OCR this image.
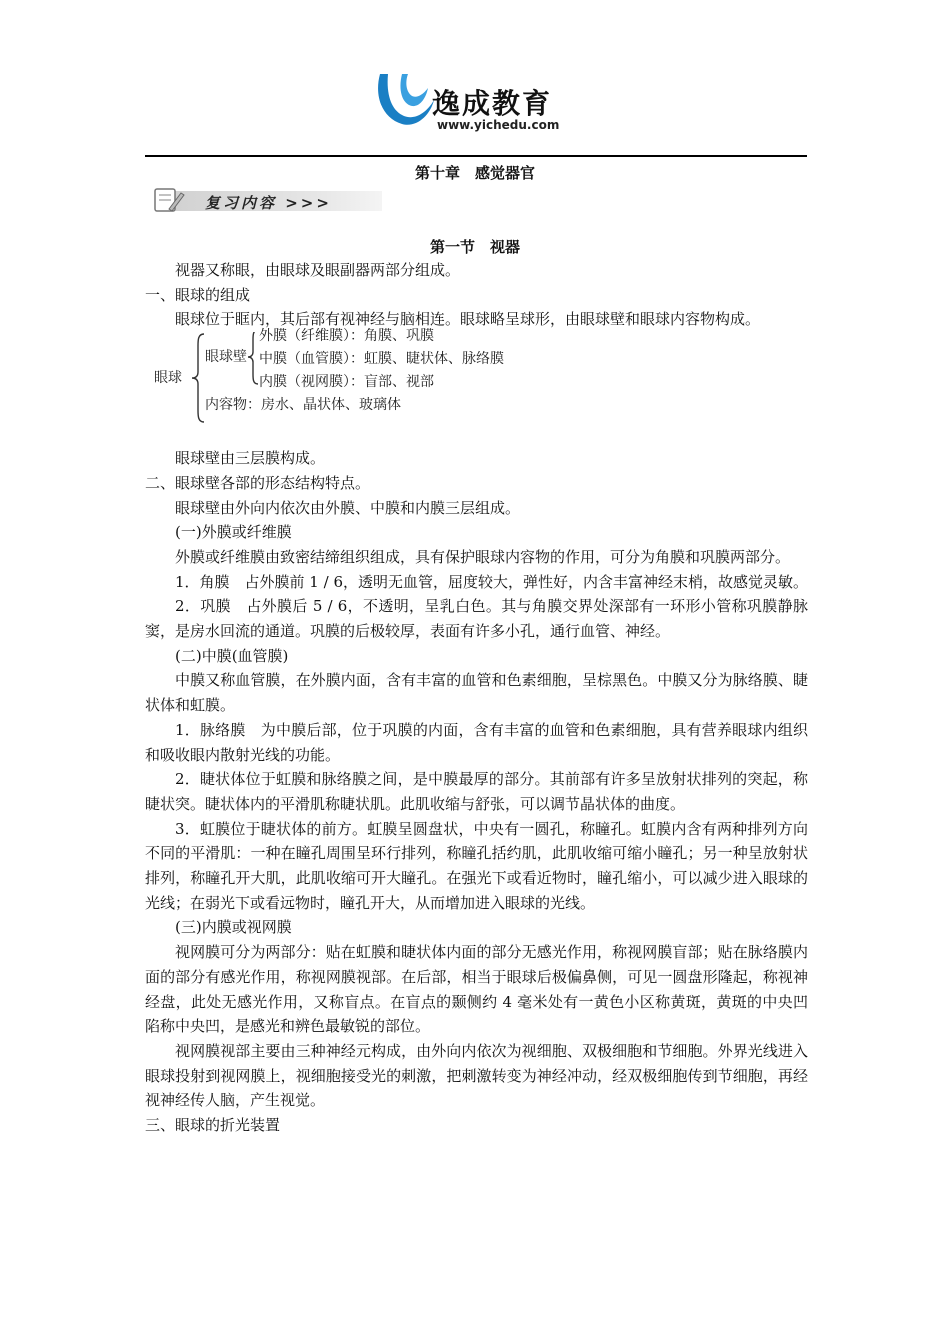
逸成教育
www.yichedu.com
第十章　感觉器官
复习内容 >>>
第一节　视器

视器又称眼，由眼球及眼副器两部分组成。

一、眼球的组成

眼球位于眶内，其后部有视神经与脑相连。眼球略呈球形，由眼球壁和眼球内容物构成。

眼球
眼球壁
外膜（纤维膜）：角膜、巩膜
中膜（血管膜）：虹膜、睫状体、脉络膜
内膜（视网膜）：盲部、视部
内容物：房水、晶状体、玻璃体

眼球壁由三层膜构成。

二、眼球壁各部的形态结构特点。

眼球壁由外向内依次由外膜、中膜和内膜三层组成。

(一)外膜或纤维膜

外膜或纤维膜由致密结缔组织组成，具有保护眼球内容物的作用，可分为角膜和巩膜两部分。

1．角膜　占外膜前 1 / 6，透明无血管，屈度较大，弹性好，内含丰富神经末梢，故感觉灵敏。

2．巩膜　占外膜后 5 / 6，不透明，呈乳白色。其与角膜交界处深部有一环形小管称巩膜静脉窦，是房水回流的通道。巩膜的后极较厚，表面有许多小孔，通行血管、神经。

(二)中膜(血管膜)

中膜又称血管膜，在外膜内面，含有丰富的血管和色素细胞，呈棕黑色。中膜又分为脉络膜、睫状体和虹膜。

1．脉络膜　为中膜后部，位于巩膜的内面，含有丰富的血管和色素细胞，具有营养眼球内组织和吸收眼内散射光线的功能。

2．睫状体位于虹膜和脉络膜之间，是中膜最厚的部分。其前部有许多呈放射状排列的突起，称睫状突。睫状体内的平滑肌称睫状肌。此肌收缩与舒张，可以调节晶状体的曲度。

3．虹膜位于睫状体的前方。虹膜呈圆盘状，中央有一圆孔，称瞳孔。虹膜内含有两种排列方向不同的平滑肌：一种在瞳孔周围呈环行排列，称瞳孔括约肌，此肌收缩可缩小瞳孔；另一种呈放射状排列，称瞳孔开大肌，此肌收缩可开大瞳孔。在强光下或看近物时，瞳孔缩小，可以减少进入眼球的光线；在弱光下或看远物时，瞳孔开大，从而增加进入眼球的光线。

(三)内膜或视网膜

视网膜可分为两部分：贴在虹膜和睫状体内面的部分无感光作用，称视网膜盲部；贴在脉络膜内面的部分有感光作用，称视网膜视部。在后部，相当于眼球后极偏鼻侧，可见一圆盘形隆起，称视神经盘，此处无感光作用，又称盲点。在盲点的颞侧约 4 毫米处有一黄色小区称黄斑，黄斑的中央凹陷称中央凹，是感光和辨色最敏锐的部位。

视网膜视部主要由三种神经元构成，由外向内依次为视细胞、双极细胞和节细胞。外界光线进入眼球投射到视网膜上，视细胞接受光的刺激，把刺激转变为神经冲动，经双极细胞传到节细胞，再经视神经传人脑，产生视觉。

三、眼球的折光装置
